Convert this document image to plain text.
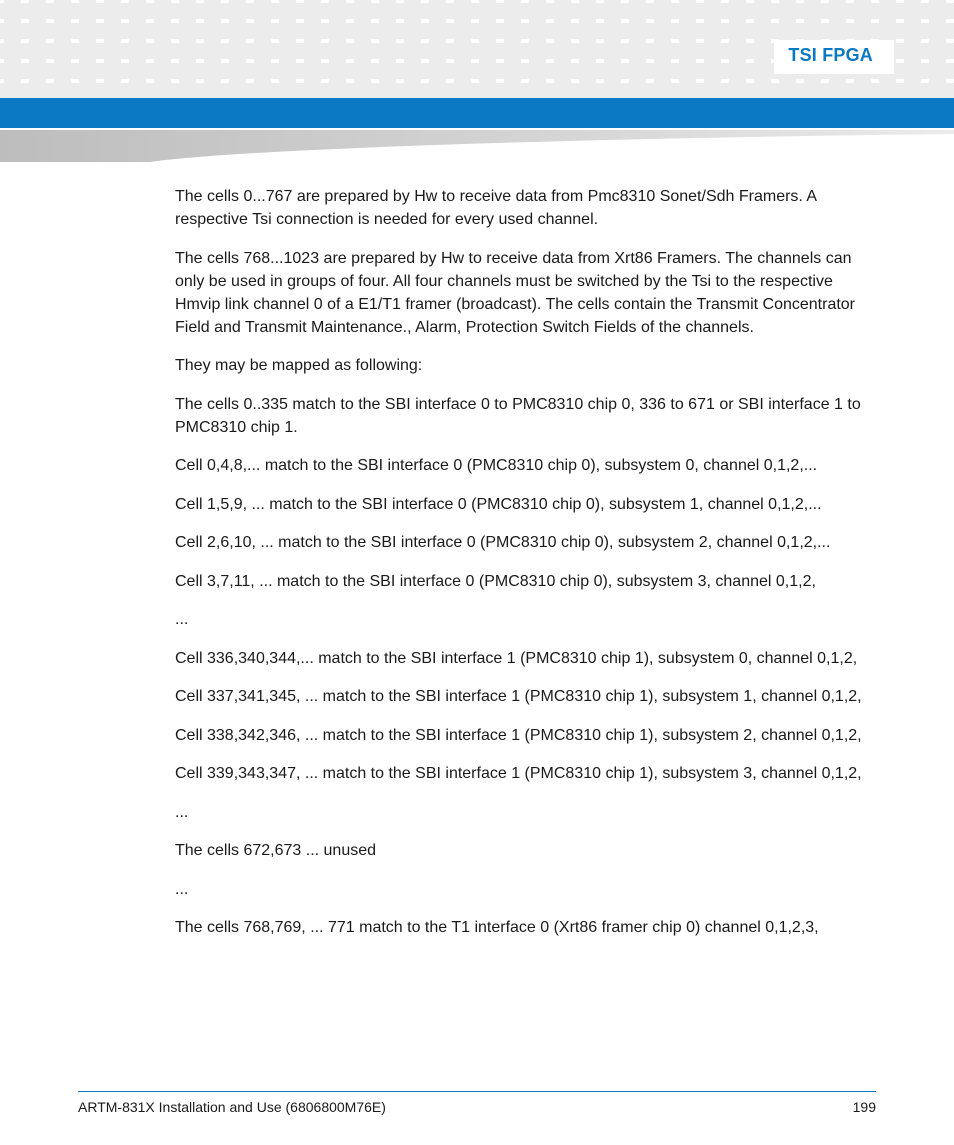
TSI FPGA

The cells 0...767 are prepared by Hw to receive data from Pmc8310 Sonet/Sdh Framers. A respective Tsi connection is needed for every used channel.

The cells 768...1023 are prepared by Hw to receive data from Xrt86 Framers. The channels can only be used in groups of four. All four channels must be switched by the Tsi to the respective Hmvip link channel 0 of a E1/T1 framer (broadcast). The cells contain the Transmit Concentrator Field and Transmit Maintenance., Alarm, Protection Switch Fields of the channels.

They may be mapped as following:

The cells 0..335 match to the SBI interface 0 to PMC8310 chip 0, 336 to 671 or SBI interface 1 to PMC8310 chip 1.

Cell 0,4,8,... match to the SBI interface 0 (PMC8310 chip 0), subsystem 0, channel 0,1,2,...

Cell 1,5,9, ... match to the SBI interface 0 (PMC8310 chip 0), subsystem 1, channel 0,1,2,...

Cell 2,6,10, ... match to the SBI interface 0 (PMC8310 chip 0), subsystem 2, channel 0,1,2,...

Cell 3,7,11, ... match to the SBI interface 0 (PMC8310 chip 0), subsystem 3, channel 0,1,2,

...

Cell 336,340,344,... match to the SBI interface 1 (PMC8310 chip 1), subsystem 0, channel 0,1,2,

Cell 337,341,345, ... match to the SBI interface 1 (PMC8310 chip 1), subsystem 1, channel 0,1,2,

Cell 338,342,346, ... match to the SBI interface 1 (PMC8310 chip 1), subsystem 2, channel 0,1,2,

Cell 339,343,347, ... match to the SBI interface 1 (PMC8310 chip 1), subsystem 3, channel 0,1,2,

...

The cells 672,673 ... unused

...

The cells 768,769, ... 771 match to the T1 interface 0 (Xrt86 framer chip 0) channel 0,1,2,3,

ARTM-831X Installation and Use (6806800M76E)	199
